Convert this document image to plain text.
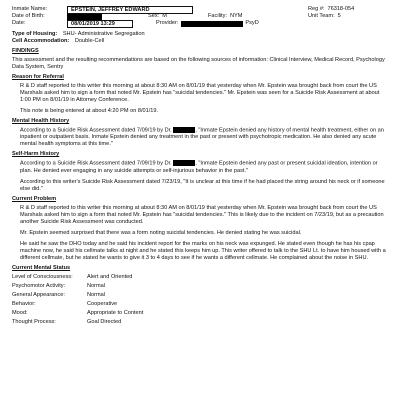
Inmate Name:	EPSTEIN, JEFFREY EDWARD	Reg #: 76318-054
Date of Birth:	Sex: M	Facility: NYM	Unit Team: 5
Date:	08/01/2019 13:29	Provider:	PsyD
Type of Housing: SHU- Administrative Segregation
Cell Accommodation: Double-Cell
FINDINGS

This assessment and the resulting recommendations are based on the following sources of information: Clinical Interview, Medical Record, Psychology Data System, Sentry

Reason for Referral

R & D staff reported to this writer this morning at about 8:30 AM on 8/01/19 that yesterday when Mr. Epstein was brought back from court the US Marshals asked him to sign a form that noted Mr. Epstein has "suicidal tendencies." Mr. Epstein was seen for a Suicide Risk Assessment at about 1:00 PM on 8/01/19 in Attorney Conference.

This note is being entered at about 4:20 PM on 8/01/19.

Mental Health History

According to a Suicide Risk Assessment dated 7/09/19 by Dr.	, "Inmate Epstein denied any history of mental health treatment, either on an inpatient or outpatient basis. Inmate Epstein denied any treatment in the past or present with psychotropic medication. He also denied any acute mental health symptoms at this time."

Self-Harm History

According to a Suicide Risk Assessment dated 7/09/19 by Dr.	, "Inmate Epstein denied any past or present suicidal ideation, intention or plan. He denied ever engaging in any suicide attempts or self-injurious behavior in the past."

According to this writer's Suicide Risk Assessment dated 7/23/19, "It is unclear at this time if he had placed the string around his neck or if someone else did."

Current Problem

R & D staff reported to this writer this morning at about 8:30 AM on 8/01/19 that yesterday when Mr. Epstein was brought back from court the US Marshals asked him to sign a form that noted Mr. Epstein has "suicidal tendencies." This is likely due to the incident on 7/23/19, but as a precaution another Suicide Risk Assessment was conducted.

Mr. Epstein seemed surprised that there was a form noting suicidal tendencies. He denied stating he was suicidal.

He said he saw the DHO today and he said his incident report for the marks on his neck was expunged. He stated even though he has his cpap machine now, he said his cellmate talks at night and he stated this keeps him up. This writer offered to talk to the SHU Lt. to have him housed with a different cellmate, but he stated he wants to give it 3 to 4 days to see if he wants a different cellmate. He complained about the noise in SHU.

Current Mental Status
Level of Consciousness:	Alert and Oriented
Psychomotor Activity:	Normal
General Appearance:	Normal
Behavior:	Cooperative
Mood:	Appropriate to Content
Thought Process:	Goal Directed
